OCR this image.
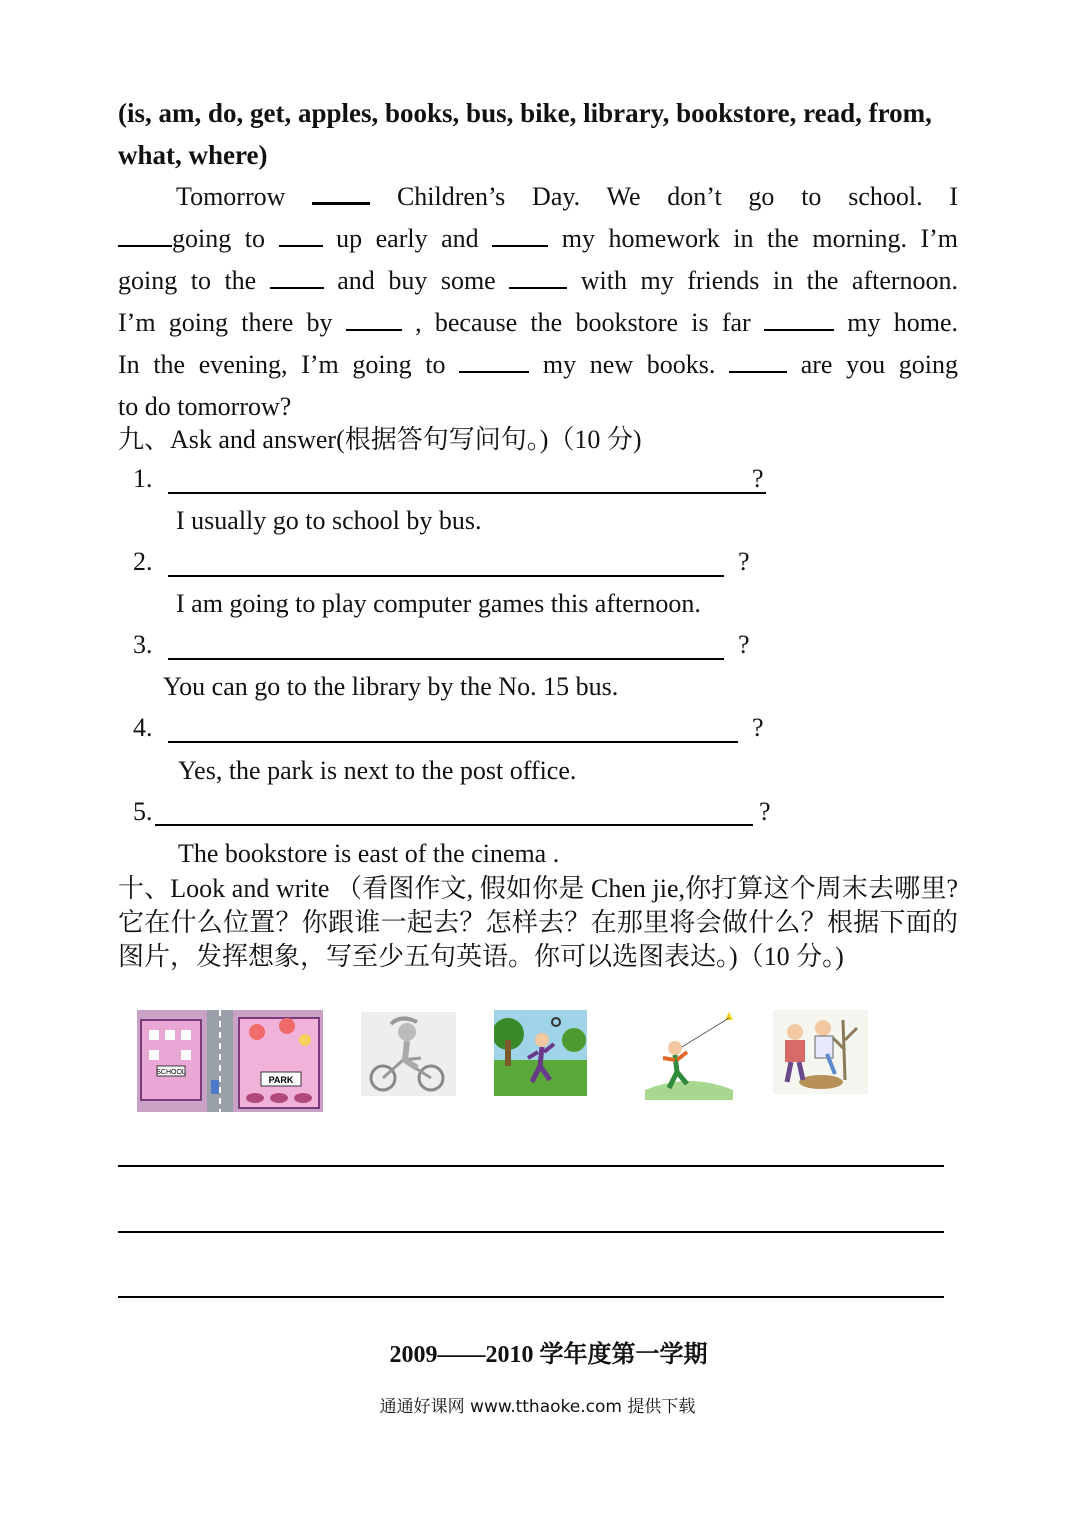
(is, am, do, get, apples, books, bus, bike, library, bookstore, read, from, what, where)
Tomorrow	Children’s Day. We don’t go to school. I
going to	up early and	my homework in the morning. I’m
going to the	and buy some	with my friends in the afternoon.
I’m going there by	, because the bookstore is far	my home.
In the evening, I’m going to	my new books.	are you going
to do tomorrow?
九、Ask and answer(根据答句写问句。)（10 分)
1.	?
I usually go to school by bus.
2.	?
I am going to play computer games this afternoon.
3.	?
You can go to the library by the No. 15 bus.
4.	?
Yes, the park is next to the post office.
5.	?
The bookstore is east of the cinema .
十、Look and write （看图作文, 假如你是 Chen jie,你打算这个周末去哪里?它在什么位置？你跟谁一起去？怎样去？在那里将会做什么？根据下面的图片，发挥想象，写至少五句英语。你可以选图表达。)（10 分。)
SCHOOL
PARK
2009——2010 学年度第一学期
通通好课网 www.tthaoke.com 提供下载
